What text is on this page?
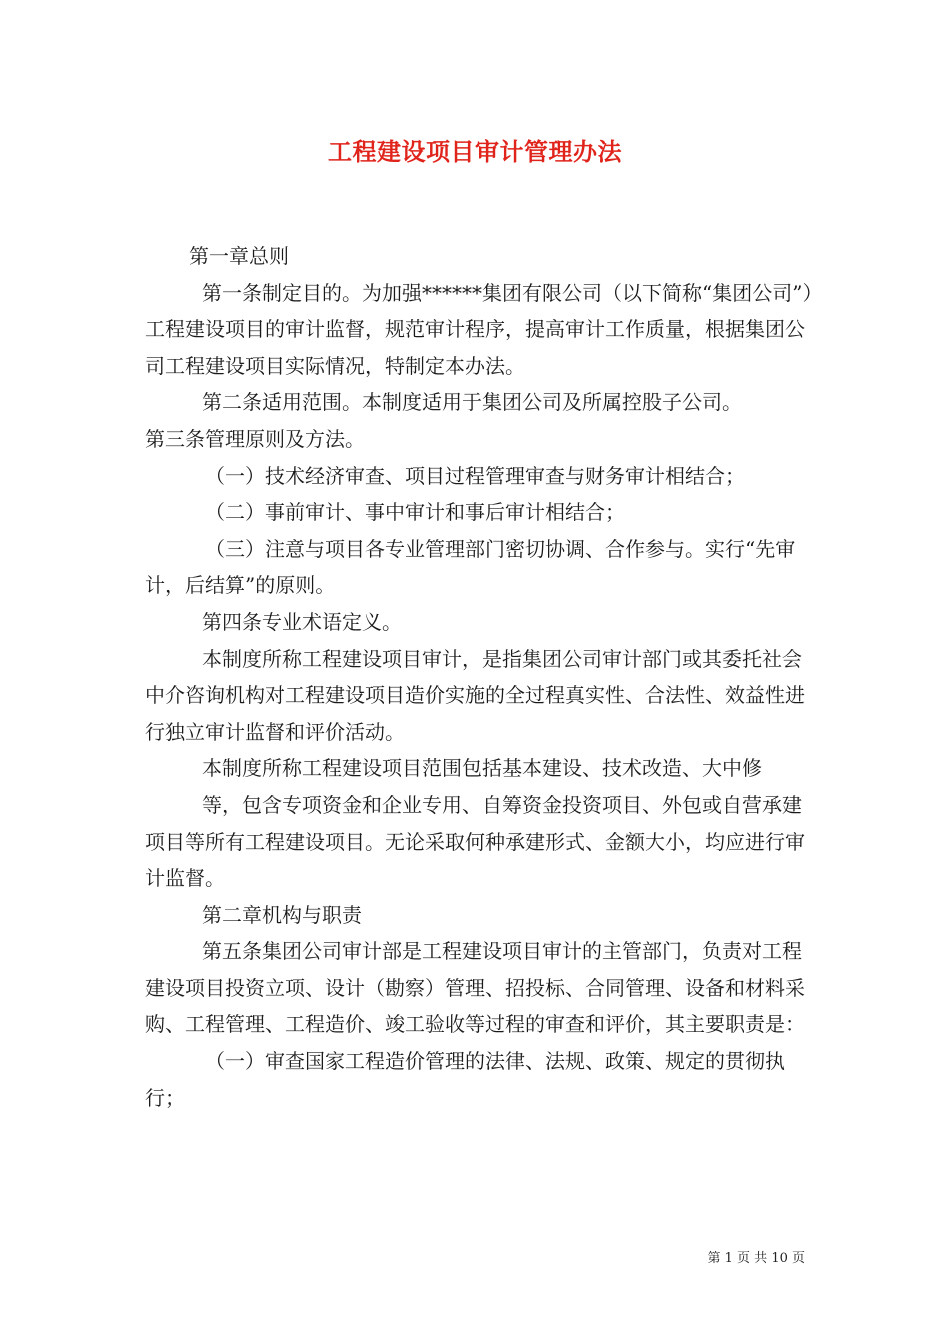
工程建设项目审计管理办法

第一章总则

第一条制定目的。为加强******集团有限公司（以下简称“集团公司”）工程建设项目的审计监督，规范审计程序，提高审计工作质量，根据集团公司工程建设项目实际情况，特制定本办法。

第二条适用范围。本制度适用于集团公司及所属控股子公司。

第三条管理原则及方法。

（一）技术经济审查、项目过程管理审查与财务审计相结合；

（二）事前审计、事中审计和事后审计相结合；

（三）注意与项目各专业管理部门密切协调、合作参与。实行“先审计，后结算”的原则。

第四条专业术语定义。

本制度所称工程建设项目审计，是指集团公司审计部门或其委托社会中介咨询机构对工程建设项目造价实施的全过程真实性、合法性、效益性进行独立审计监督和评价活动。

本制度所称工程建设项目范围包括基本建设、技术改造、大中修

等，包含专项资金和企业专用、自筹资金投资项目、外包或自营承建项目等所有工程建设项目。无论采取何种承建形式、金额大小，均应进行审计监督。

第二章机构与职责

第五条集团公司审计部是工程建设项目审计的主管部门，负责对工程建设项目投资立项、设计（勘察）管理、招投标、合同管理、设备和材料采购、工程管理、工程造价、竣工验收等过程的审查和评价，其主要职责是：

（一）审查国家工程造价管理的法律、法规、政策、规定的贯彻执行；

第 1 页 共 10 页
